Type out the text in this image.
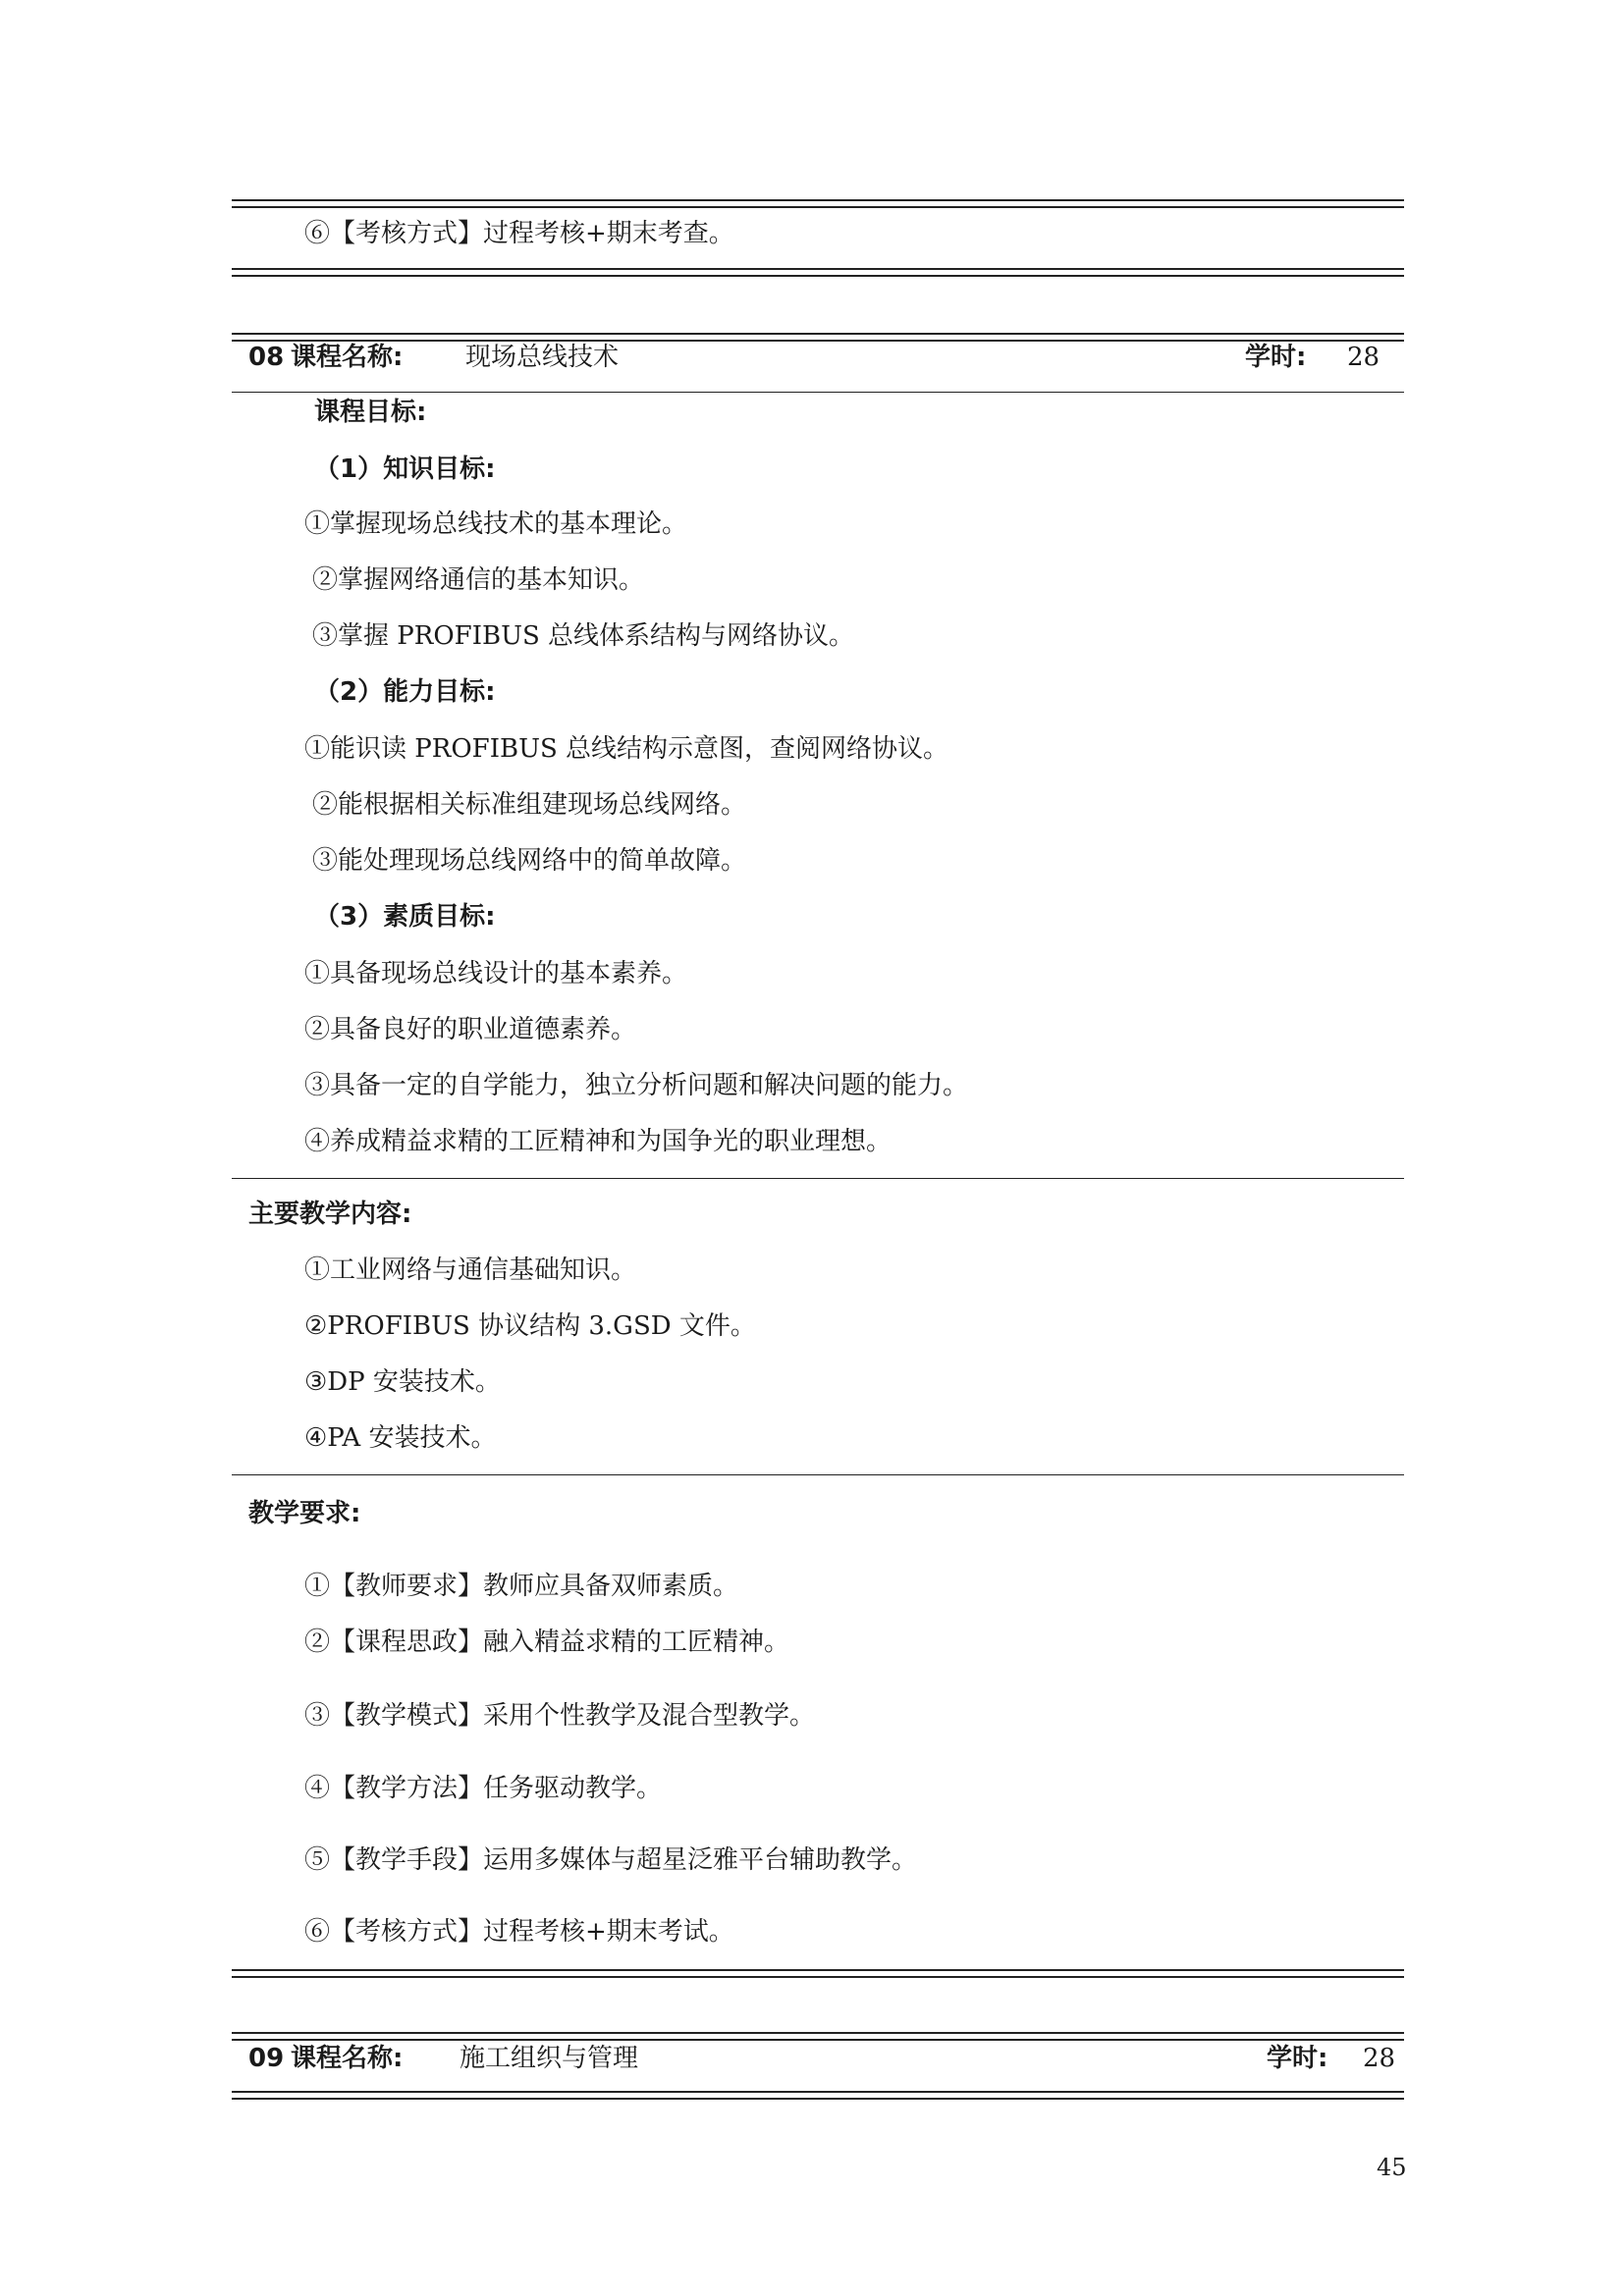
⑥【考核方式】过程考核+期末考查。
08 课程名称: 现场总线技术	学时: 28
课程目标:
（1）知识目标:
①掌握现场总线技术的基本理论。
②掌握网络通信的基本知识。
③掌握 PROFIBUS 总线体系结构与网络协议。
（2）能力目标:
①能识读 PROFIBUS 总线结构示意图，查阅网络协议。
②能根据相关标准组建现场总线网络。
③能处理现场总线网络中的简单故障。
（3）素质目标:
①具备现场总线设计的基本素养。
②具备良好的职业道德素养。
③具备一定的自学能力，独立分析问题和解决问题的能力。
④养成精益求精的工匠精神和为国争光的职业理想。
主要教学内容:
①工业网络与通信基础知识。
②PROFIBUS 协议结构 3.GSD 文件。
③DP 安装技术。
④PA 安装技术。
教学要求:
①【教师要求】教师应具备双师素质。
②【课程思政】融入精益求精的工匠精神。
③【教学模式】采用个性教学及混合型教学。
④【教学方法】任务驱动教学。
⑤【教学手段】运用多媒体与超星泛雅平台辅助教学。
⑥【考核方式】过程考核+期末考试。
09 课程名称: 施工组织与管理	学时: 28
45
